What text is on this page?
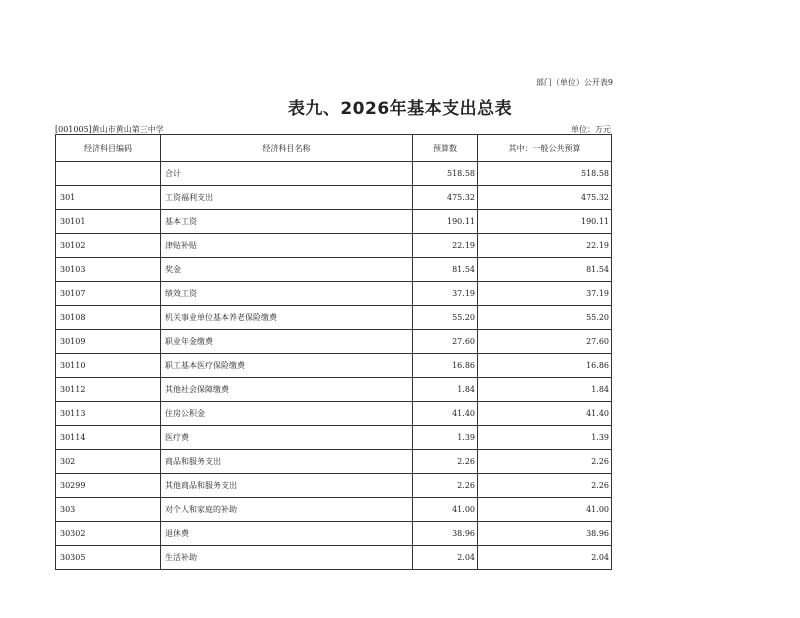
部门（单位）公开表9
表九、2026年基本支出总表
[001005]黄山市黄山第三中学	单位：万元
经济科目编码	经济科目名称	预算数	其中：一般公共预算
	合计	518.58	518.58
301	工资福利支出	475.32	475.32
30101	基本工资	190.11	190.11
30102	津贴补贴	22.19	22.19
30103	奖金	81.54	81.54
30107	绩效工资	37.19	37.19
30108	机关事业单位基本养老保险缴费	55.20	55.20
30109	职业年金缴费	27.60	27.60
30110	职工基本医疗保险缴费	16.86	16.86
30112	其他社会保障缴费	1.84	1.84
30113	住房公积金	41.40	41.40
30114	医疗费	1.39	1.39
302	商品和服务支出	2.26	2.26
30299	其他商品和服务支出	2.26	2.26
303	对个人和家庭的补助	41.00	41.00
30302	退休费	38.96	38.96
30305	生活补助	2.04	2.04
